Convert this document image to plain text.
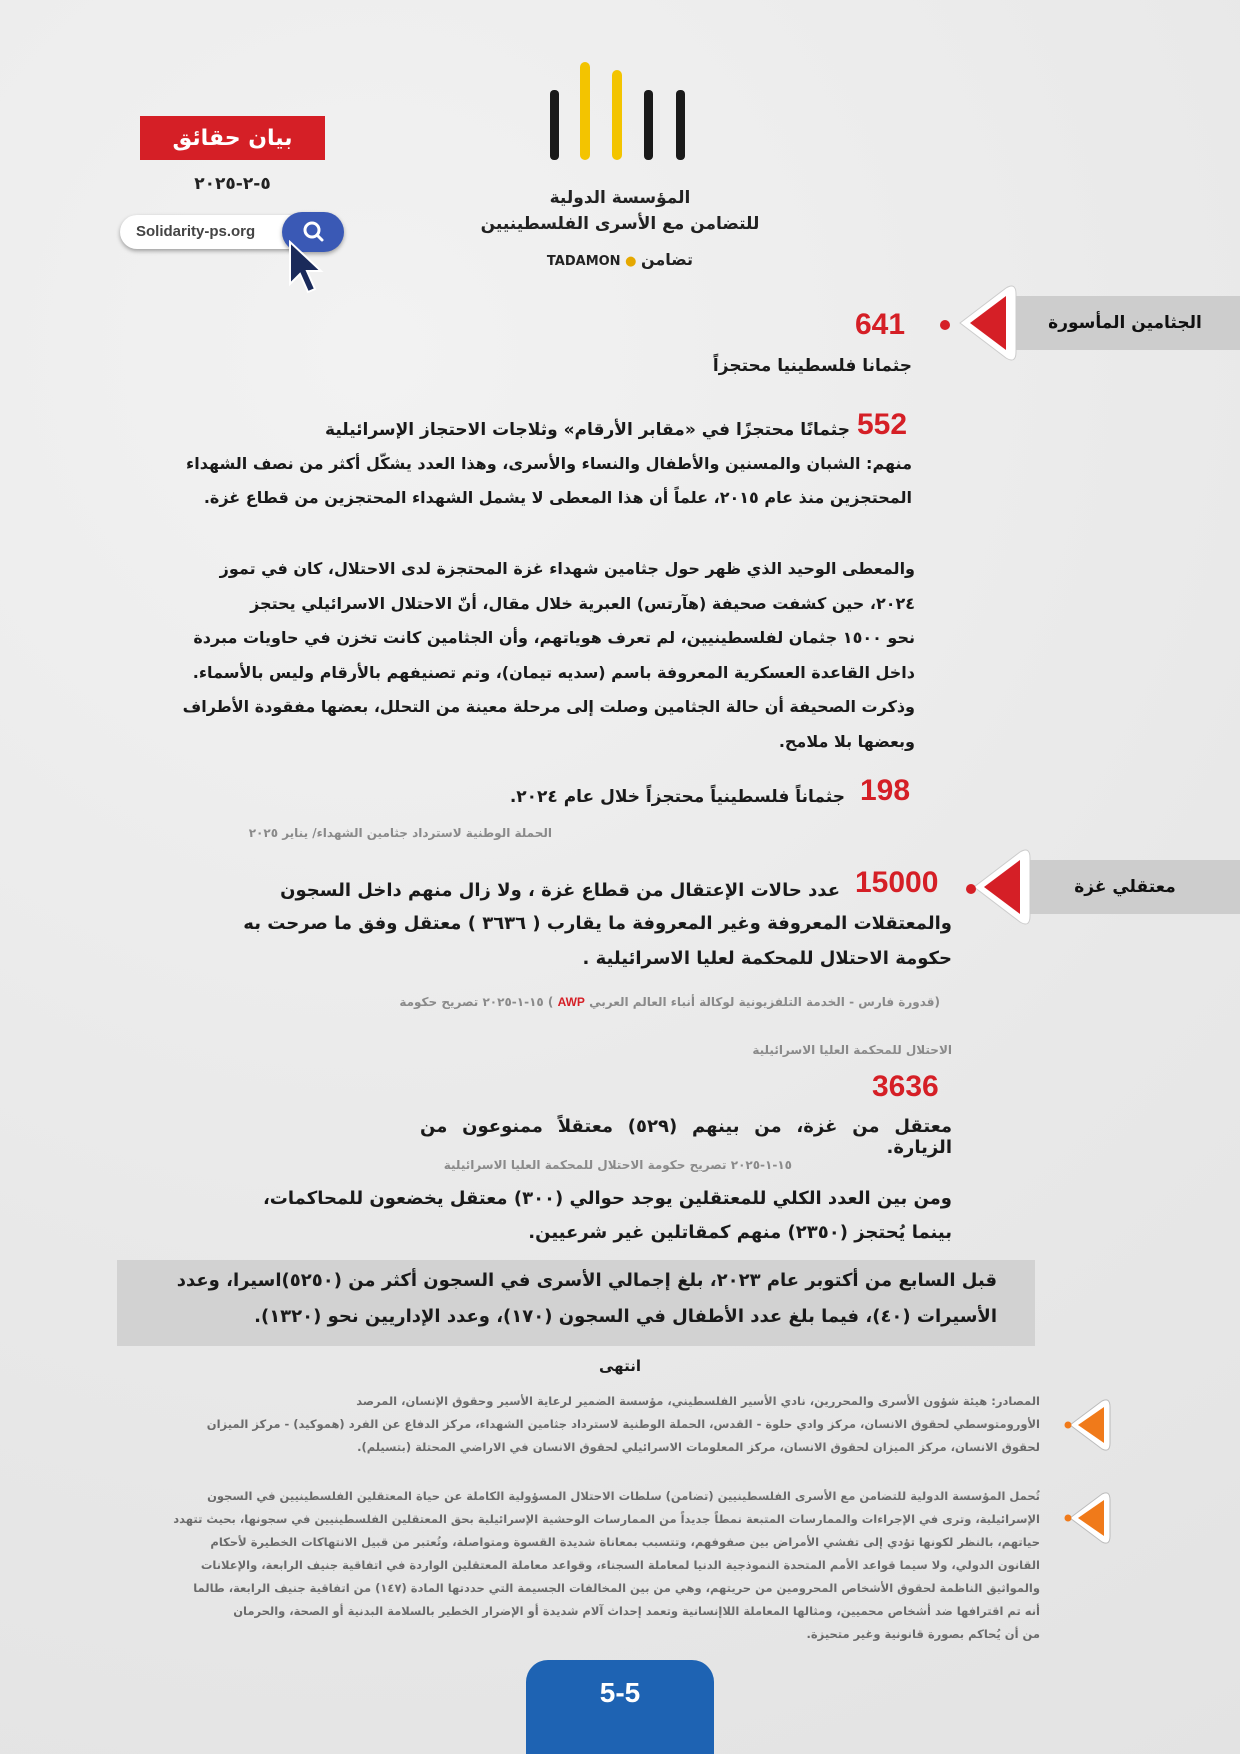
المؤسسة الدولية
للتضامن مع الأسرى الفلسطينيين
TADAMON ● تضامن
بيان حقائق
٥-٢-٢٠٢٥
Solidarity-ps.org
الجثامين المأسورة
641
جثمانا فلسطينيا محتجزاً
552
جثمانًا محتجزًا في «مقابر الأرقام» وثلاجات الاحتجاز الإسرائيلية
منهم: الشبان والمسنين والأطفال والنساء والأسرى، وهذا العدد يشكّل أكثر من نصف الشهداء
المحتجزين منذ عام ٢٠١٥، علماً أن هذا المعطى لا يشمل الشهداء المحتجزين من قطاع غزة.
والمعطى الوحيد الذي ظهر حول جثامين شهداء غزة المحتجزة لدى الاحتلال، كان في تموز
٢٠٢٤، حين كشفت صحيفة (هآرتس) العبرية خلال مقال، أنّ الاحتلال الاسرائيلي يحتجز
نحو ١٥٠٠ جثمان لفلسطينيين، لم تعرف هوياتهم، وأن الجثامين كانت تخزن في حاويات مبردة
داخل القاعدة العسكرية المعروفة باسم (سديه تيمان)، وتم تصنيفهم بالأرقام وليس بالأسماء.
وذكرت الصحيفة أن حالة الجثامين وصلت إلى مرحلة معينة من التحلل، بعضها مفقودة الأطراف
وبعضها بلا ملامح.
198
جثماناً فلسطينياً محتجزاً خلال عام ٢٠٢٤.
الحملة الوطنية لاسترداد جثامين الشهداء/ يناير ٢٠٢٥
معتقلي غزة
15000
عدد حالات الإعتقال من قطاع غزة ، ولا زال منهم داخل السجون
والمعتقلات المعروفة وغير المعروفة ما يقارب ( ٣٦٣٦ ) معتقل وفق ما صرحت به
حكومة الاحتلال للمحكمة لعليا الاسرائيلية .
(قدورة فارس - الخدمة التلفزيونية لوكالة أنباء العالم العربي AWP ) ١٥-١-٢٠٢٥ تصريح حكومة
الاحتلال للمحكمة العليا الاسرائيلية
3636
معتقل من غزة، من بينهم (٥٢٩) معتقلاً ممنوعون من الزيارة.
١٥-١-٢٠٢٥ تصريح حكومة الاحتلال للمحكمة العليا الاسرائيلية
ومن بين العدد الكلي للمعتقلين يوجد حوالي (٣٠٠) معتقل يخضعون للمحاكمات،
بينما يُحتجز (٢٣٥٠) منهم كمقاتلين غير شرعيين.
قبل السابع من أكتوبر عام ٢٠٢٣، بلغ إجمالي الأسرى في السجون أكثر من (٥٢٥٠)اسيرا، وعدد
الأسيرات (٤٠)، فيما بلغ عدد الأطفال في السجون (١٧٠)، وعدد الإداريين نحو (١٣٢٠).
انتهى
المصادر: هيئة شؤون الأسرى والمحررين، نادي الأسير الفلسطيني، مؤسسة الضمير لرعاية الأسير وحقوق الإنسان، المرصد
الأورومتوسطي لحقوق الانسان، مركز وادي حلوة - القدس، الحملة الوطنية لاسترداد جثامين الشهداء، مركز الدفاع عن الفرد (هموكيد) - مركز الميزان
لحقوق الانسان، مركز الميزان لحقوق الانسان، مركز المعلومات الاسرائيلي لحقوق الانسان في الاراضي المحتلة (بتسيلم).
تُحمل المؤسسة الدولية للتضامن مع الأسرى الفلسطينيين (تضامن) سلطات الاحتلال المسؤولية الكاملة عن حياة المعتقلين الفلسطينيين في السجون
الإسرائيلية، وترى في الإجراءات والممارسات المتبعة نمطاً جديداً من الممارسات الوحشية الإسرائيلية بحق المعتقلين الفلسطينيين في سجونها، بحيث تتهدد
حياتهم، بالنظر لكونها تؤدي إلى تفشي الأمراض بين صفوفهم، وتتسبب بمعاناة شديدة القسوة ومتواصلة، وتُعتبر من قبيل الانتهاكات الخطيرة لأحكام
القانون الدولي، ولا سيما قواعد الأمم المتحدة النموذجية الدنيا لمعاملة السجناء، وقواعد معاملة المعتقلين الواردة في اتفاقية جنيف الرابعة، والإعلانات
والمواثيق الناظمة لحقوق الأشخاص المحرومين من حريتهم، وهي من بين المخالفات الجسيمة التي حددتها المادة (١٤٧) من اتفاقية جنيف الرابعة، طالما
أنه تم اقترافها ضد أشخاص محميين، ومثالها المعاملة اللاإنسانية وتعمد إحداث آلام شديدة أو الإضرار الخطير بالسلامة البدنية أو الصحة، والحرمان
من أن يُحاكم بصورة قانونية وغير متحيزة.
5-5
